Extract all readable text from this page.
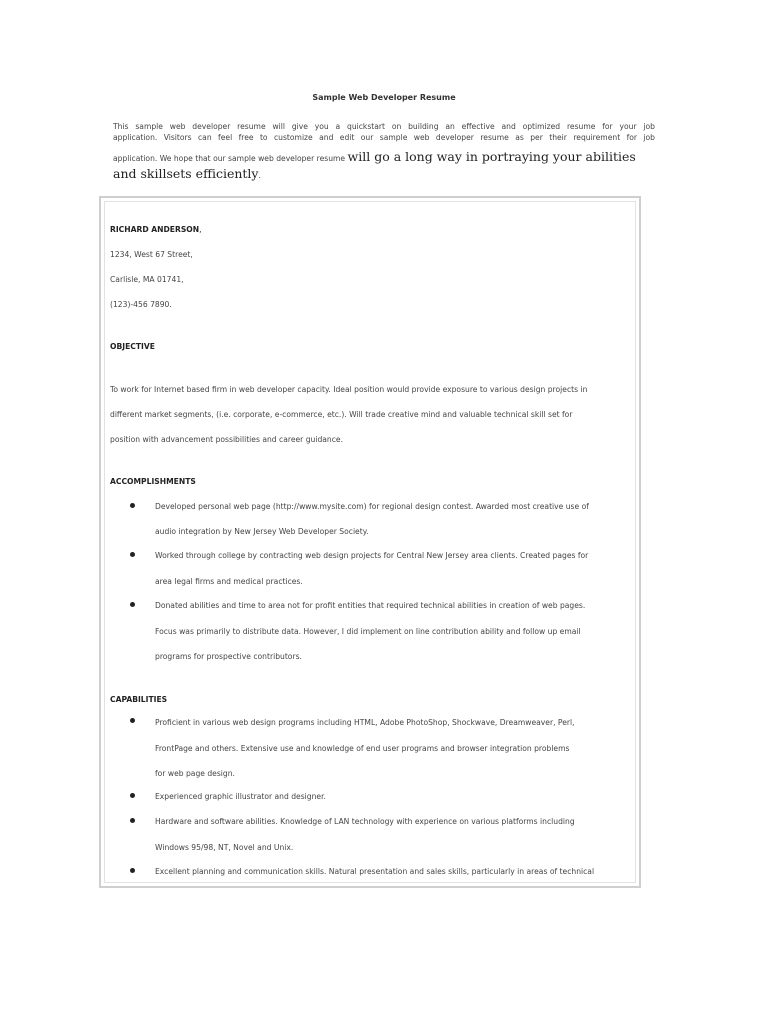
Sample Web Developer Resume
This sample web developer resume will give you a quickstart on building an effective and optimized resume for your job
application. Visitors can feel free to customize and edit our sample web developer resume as per their requirement for job
application. We hope that our sample web developer resume will go a long way in portraying your abilities
and skillsets efficiently.
RICHARD ANDERSON,
1234, West 67 Street,
Carlisle, MA 01741,
(123)-456 7890.
OBJECTIVE
To work for Internet based firm in web developer capacity. Ideal position would provide exposure to various design projects in
different market segments, (i.e. corporate, e-commerce, etc.). Will trade creative mind and valuable technical skill set for
position with advancement possibilities and career guidance.
ACCOMPLISHMENTS
Developed personal web page (http://www.mysite.com) for regional design contest. Awarded most creative use of
audio integration by New Jersey Web Developer Society.
Worked through college by contracting web design projects for Central New Jersey area clients. Created pages for
area legal firms and medical practices.
Donated abilities and time to area not for profit entities that required technical abilities in creation of web pages.
Focus was primarily to distribute data. However, I did implement on line contribution ability and follow up email
programs for prospective contributors.
CAPABILITIES
Proficient in various web design programs including HTML, Adobe PhotoShop, Shockwave, Dreamweaver, Perl,
FrontPage and others. Extensive use and knowledge of end user programs and browser integration problems
for web page design.
Experienced graphic illustrator and designer.
Hardware and software abilities. Knowledge of LAN technology with experience on various platforms including
Windows 95/98, NT, Novel and Unix.
Excellent planning and communication skills. Natural presentation and sales skills, particularly in areas of technical
